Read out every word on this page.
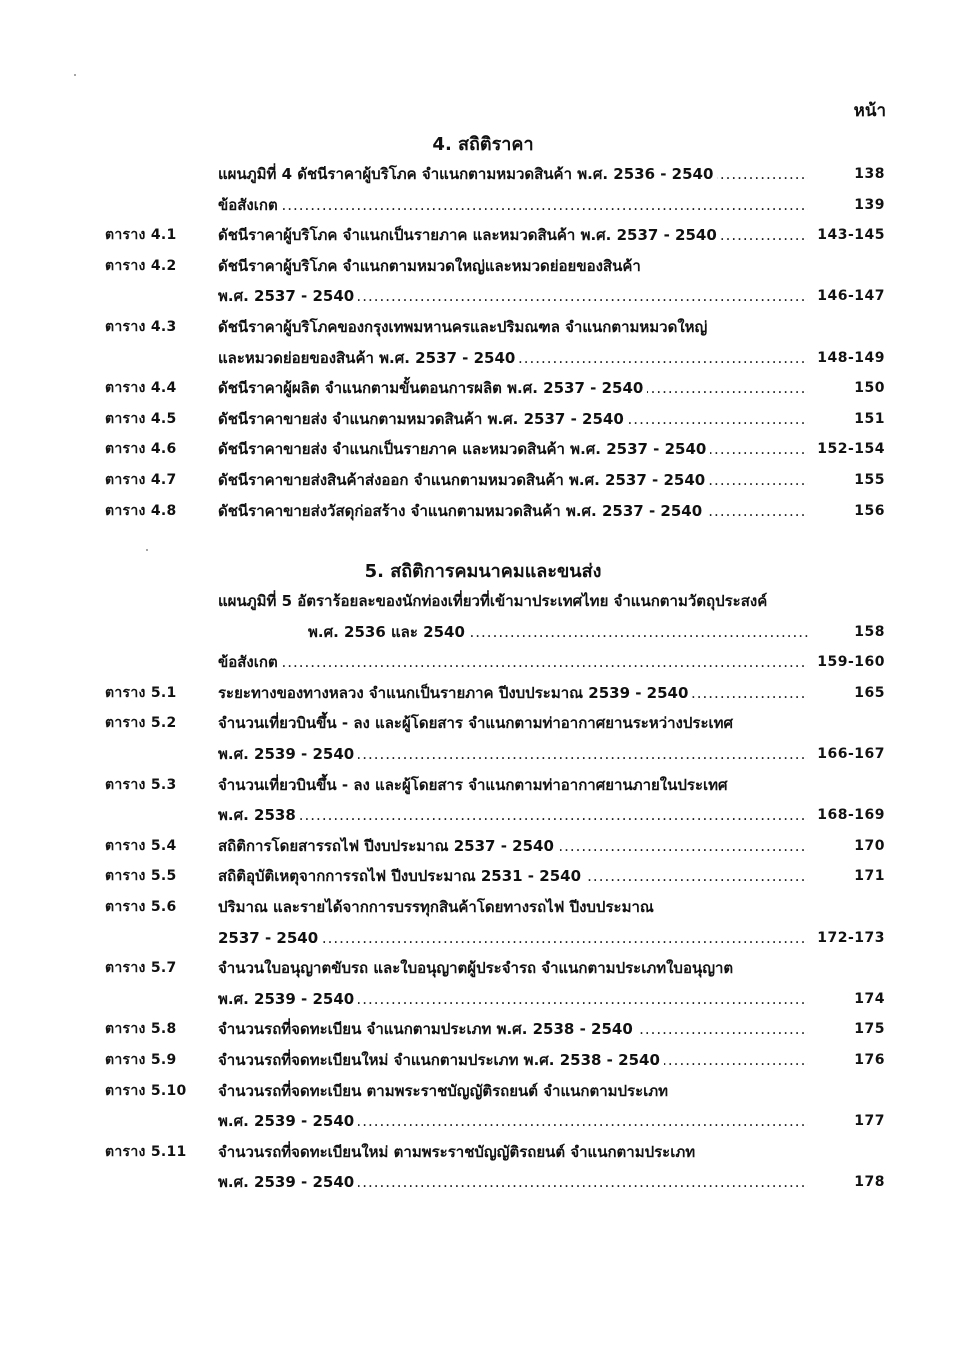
หน้า
4. สถิติราคา
แผนภูมิที่ 4 ดัชนีราคาผู้บริโภค จำแนกตามหมวดสินค้า พ.ศ. 2536 - 2540 .....	138
ข้อสังเกต .....	139
ตาราง 4.1	ดัชนีราคาผู้บริโภค จำแนกเป็นรายภาค และหมวดสินค้า พ.ศ. 2537 - 2540 .....	143-145
ตาราง 4.2	ดัชนีราคาผู้บริโภค จำแนกตามหมวดใหญ่และหมวดย่อยของสินค้า
พ.ศ. 2537 - 2540 .....	146-147
ตาราง 4.3	ดัชนีราคาผู้บริโภคของกรุงเทพมหานครและปริมณฑล จำแนกตามหมวดใหญ่
และหมวดย่อยของสินค้า พ.ศ. 2537 - 2540 .....	148-149
ตาราง 4.4	ดัชนีราคาผู้ผลิต จำแนกตามขั้นตอนการผลิต พ.ศ. 2537 - 2540 .....	150
ตาราง 4.5	ดัชนีราคาขายส่ง จำแนกตามหมวดสินค้า พ.ศ. 2537 - 2540 .....	151
ตาราง 4.6	ดัชนีราคาขายส่ง จำแนกเป็นรายภาค และหมวดสินค้า พ.ศ. 2537 - 2540 .....	152-154
ตาราง 4.7	ดัชนีราคาขายส่งสินค้าส่งออก จำแนกตามหมวดสินค้า พ.ศ. 2537 - 2540 .....	155
ตาราง 4.8	ดัชนีราคาขายส่งวัสดุก่อสร้าง จำแนกตามหมวดสินค้า พ.ศ. 2537 - 2540 .....	156
5. สถิติการคมนาคมและขนส่ง
แผนภูมิที่ 5 อัตราร้อยละของนักท่องเที่ยวที่เข้ามาประเทศไทย จำแนกตามวัตถุประสงค์
พ.ศ. 2536 และ 2540 .....	158
ข้อสังเกต .....	159-160
ตาราง 5.1	ระยะทางของทางหลวง จำแนกเป็นรายภาค ปีงบประมาณ 2539 - 2540 .....	165
ตาราง 5.2	จำนวนเที่ยวบินขึ้น - ลง และผู้โดยสาร จำแนกตามท่าอากาศยานระหว่างประเทศ
พ.ศ. 2539 - 2540 .....	166-167
ตาราง 5.3	จำนวนเที่ยวบินขึ้น - ลง และผู้โดยสาร จำแนกตามท่าอากาศยานภายในประเทศ
พ.ศ. 2538 .....	168-169
ตาราง 5.4	สถิติการโดยสารรถไฟ ปีงบประมาณ 2537 - 2540 .....	170
ตาราง 5.5	สถิติอุบัติเหตุจากการรถไฟ ปีงบประมาณ 2531 - 2540 .....	171
ตาราง 5.6	ปริมาณ และรายได้จากการบรรทุกสินค้าโดยทางรถไฟ ปีงบประมาณ
2537 - 2540 .....	172-173
ตาราง 5.7	จำนวนใบอนุญาตขับรถ และใบอนุญาตผู้ประจำรถ จำแนกตามประเภทใบอนุญาต
พ.ศ. 2539 - 2540 .....	174
ตาราง 5.8	จำนวนรถที่จดทะเบียน จำแนกตามประเภท พ.ศ. 2538 - 2540 .....	175
ตาราง 5.9	จำนวนรถที่จดทะเบียนใหม่ จำแนกตามประเภท พ.ศ. 2538 - 2540 .....	176
ตาราง 5.10 จำนวนรถที่จดทะเบียน ตามพระราชบัญญัติรถยนต์ จำแนกตามประเภท
พ.ศ. 2539 - 2540 .....	177
ตาราง 5.11 จำนวนรถที่จดทะเบียนใหม่ ตามพระราชบัญญัติรถยนต์ จำแนกตามประเภท
พ.ศ. 2539 - 2540 .....	178
